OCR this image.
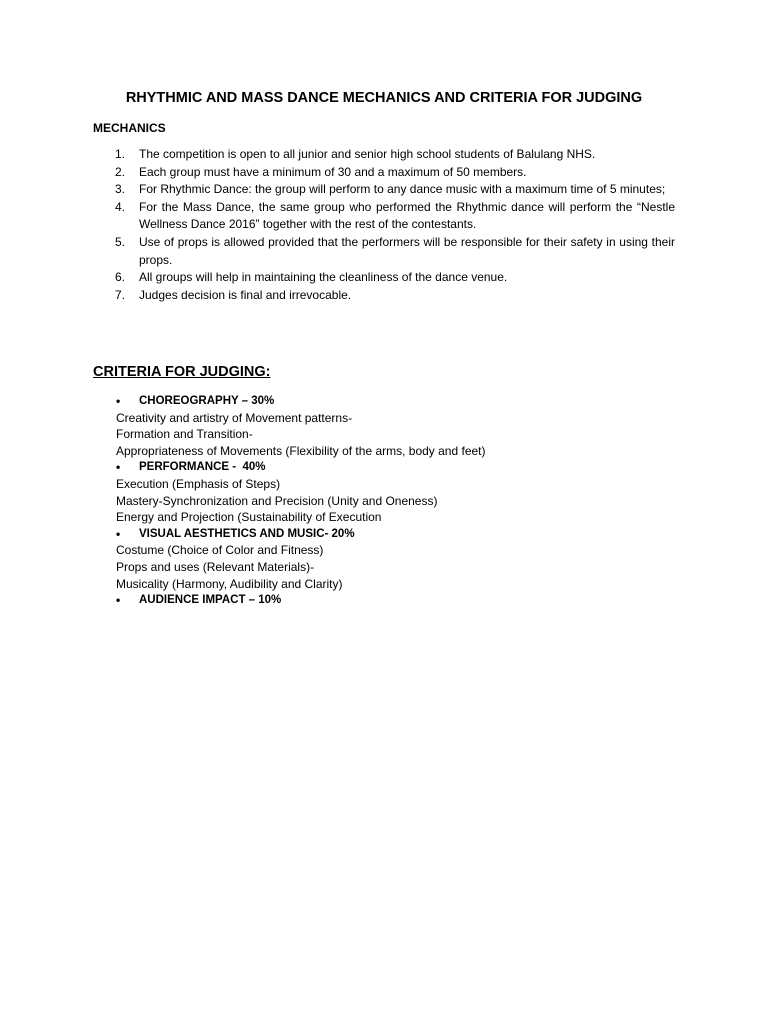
RHYTHMIC AND MASS DANCE MECHANICS AND CRITERIA FOR JUDGING
MECHANICS
1. The competition is open to all junior and senior high school students of Balulang NHS.
2. Each group must have a minimum of 30 and a maximum of 50 members.
3. For Rhythmic Dance: the group will perform to any dance music with a maximum time of 5 minutes;
4. For the Mass Dance, the same group who performed the Rhythmic dance will perform the “Nestle Wellness Dance 2016” together with the rest of the contestants.
5. Use of props is allowed provided that the performers will be responsible for their safety in using their props.
6. All groups will help in maintaining the cleanliness of the dance venue.
7. Judges decision is final and irrevocable.
CRITERIA FOR JUDGING:
• CHOREOGRAPHY – 30%
Creativity and artistry of Movement patterns-
Formation and Transition-
Appropriateness of Movements (Flexibility of the arms, body and feet)
• PERFORMANCE -  40%
Execution (Emphasis of Steps)
Mastery-Synchronization and Precision (Unity and Oneness)
Energy and Projection (Sustainability of Execution
• VISUAL AESTHETICS AND MUSIC- 20%
Costume (Choice of Color and Fitness)
Props and uses (Relevant Materials)-
Musicality (Harmony, Audibility and Clarity)
• AUDIENCE IMPACT – 10%
